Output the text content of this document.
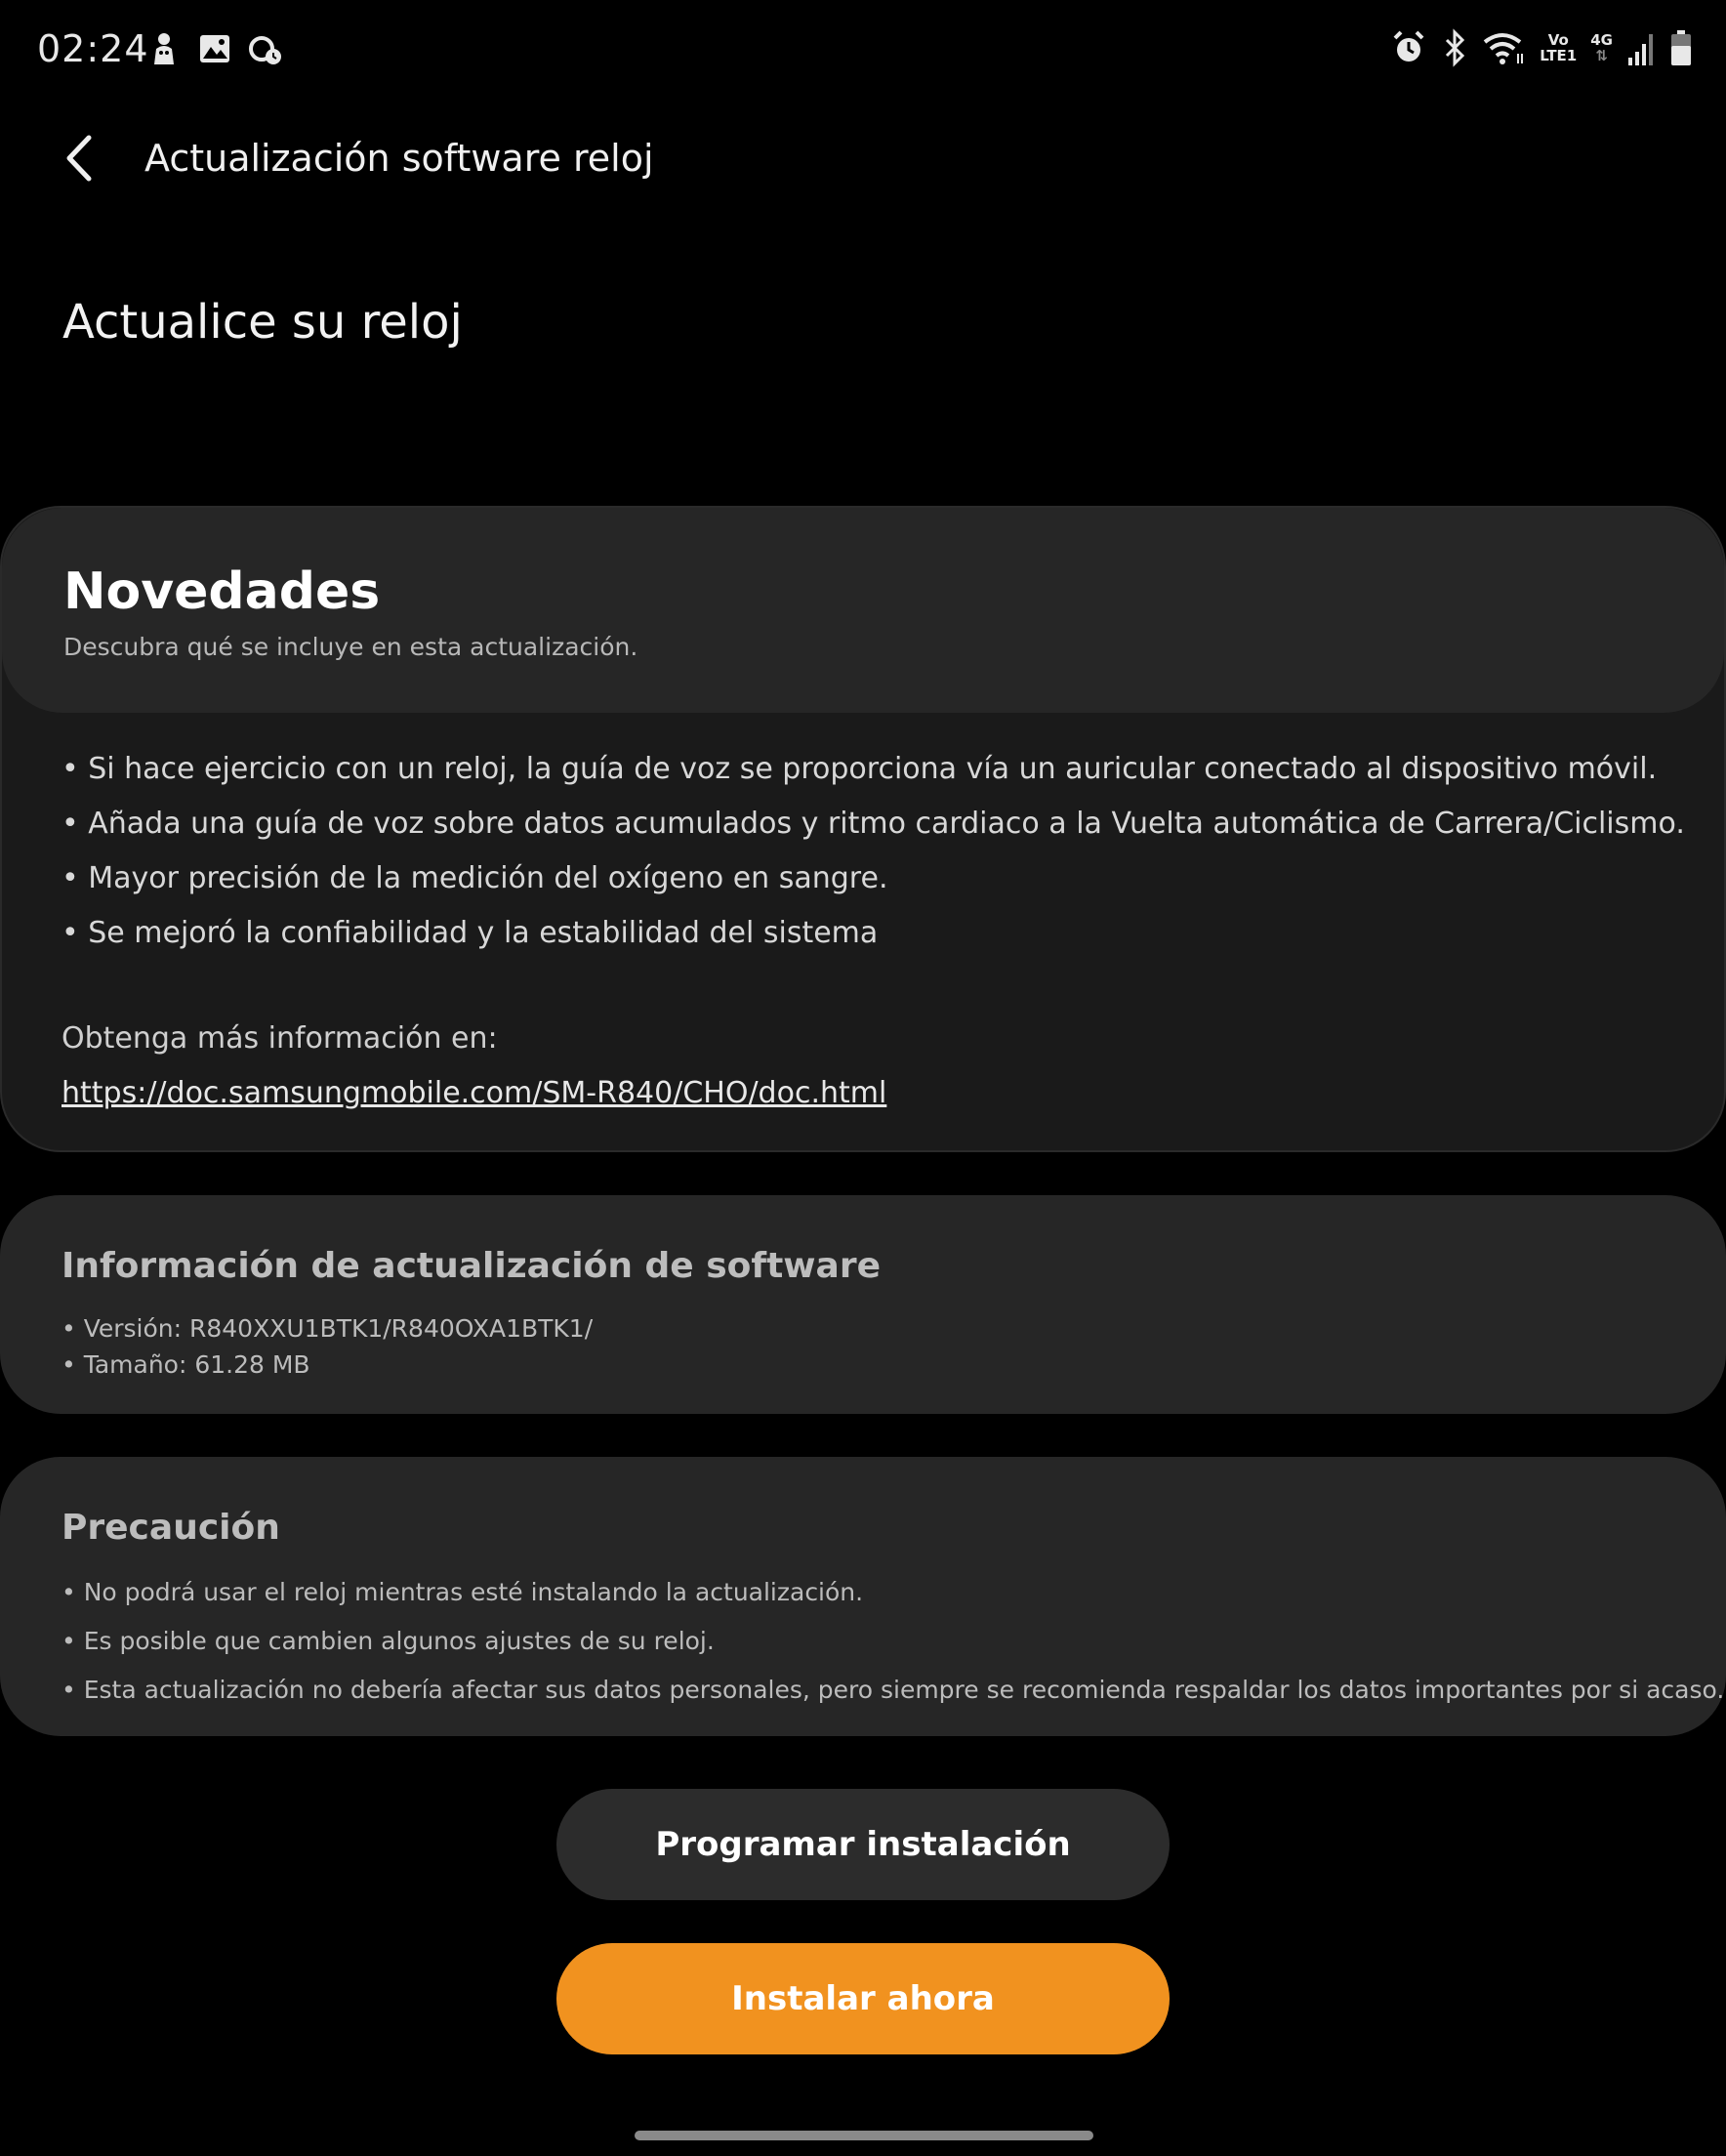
02:24	Vo
LTE1
4G
⇅
Actualización software reloj
Actualice su reloj
Novedades
Descubra qué se incluye en esta actualización.
• Si hace ejercicio con un reloj, la guía de voz se proporciona vía un auricular conectado al dispositivo móvil.
• Añada una guía de voz sobre datos acumulados y ritmo cardiaco a la Vuelta automática de Carrera/Ciclismo.
• Mayor precisión de la medición del oxígeno en sangre.
• Se mejoró la confiabilidad y la estabilidad del sistema
Obtenga más información en:
https://doc.samsungmobile.com/SM-R840/CHO/doc.html
Información de actualización de software
• Versión: R840XXU1BTK1/R840OXA1BTK1/
• Tamaño: 61.28 MB
Precaución
• No podrá usar el reloj mientras esté instalando la actualización.
• Es posible que cambien algunos ajustes de su reloj.
• Esta actualización no debería afectar sus datos personales, pero siempre se recomienda respaldar los datos importantes por si acaso.
Programar instalación
Instalar ahora
